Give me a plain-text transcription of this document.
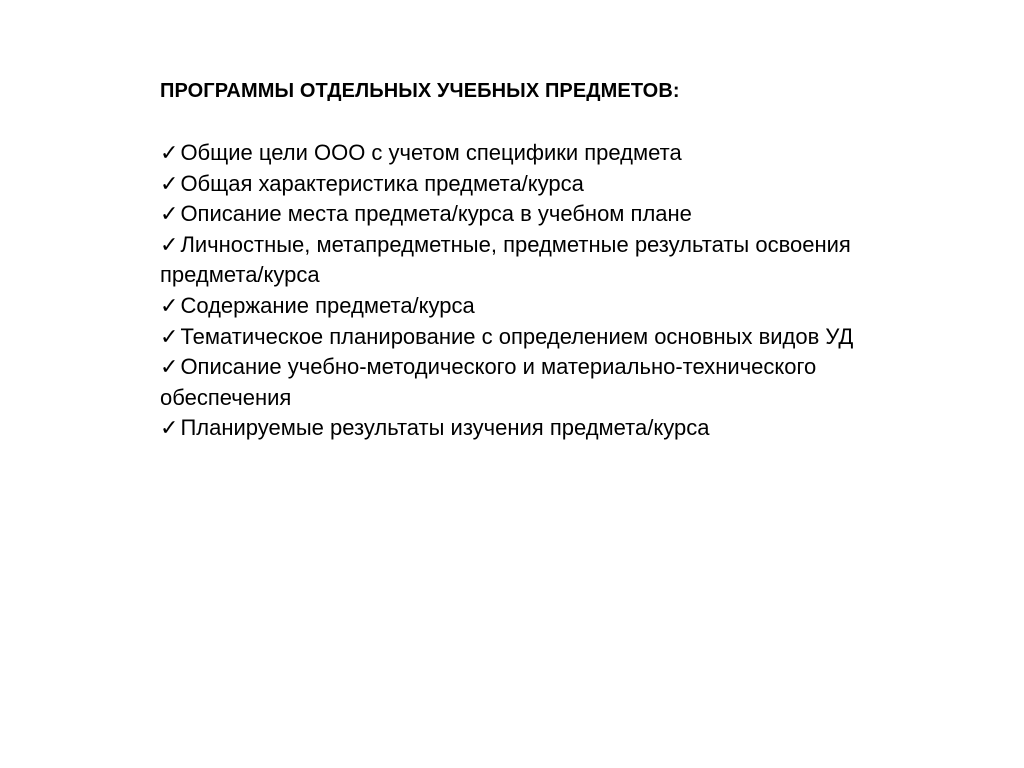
ПРОГРАММЫ ОТДЕЛЬНЫХ УЧЕБНЫХ ПРЕДМЕТОВ:
✓Общие цели ООО с учетом специфики предмета
✓Общая характеристика предмета/курса
✓Описание места предмета/курса в учебном плане
✓Личностные, метапредметные, предметные результаты освоения предмета/курса
✓Содержание предмета/курса
✓Тематическое планирование с определением основных видов УД
✓Описание учебно-методического и материально-технического обеспечения
✓Планируемые результаты изучения предмета/курса
